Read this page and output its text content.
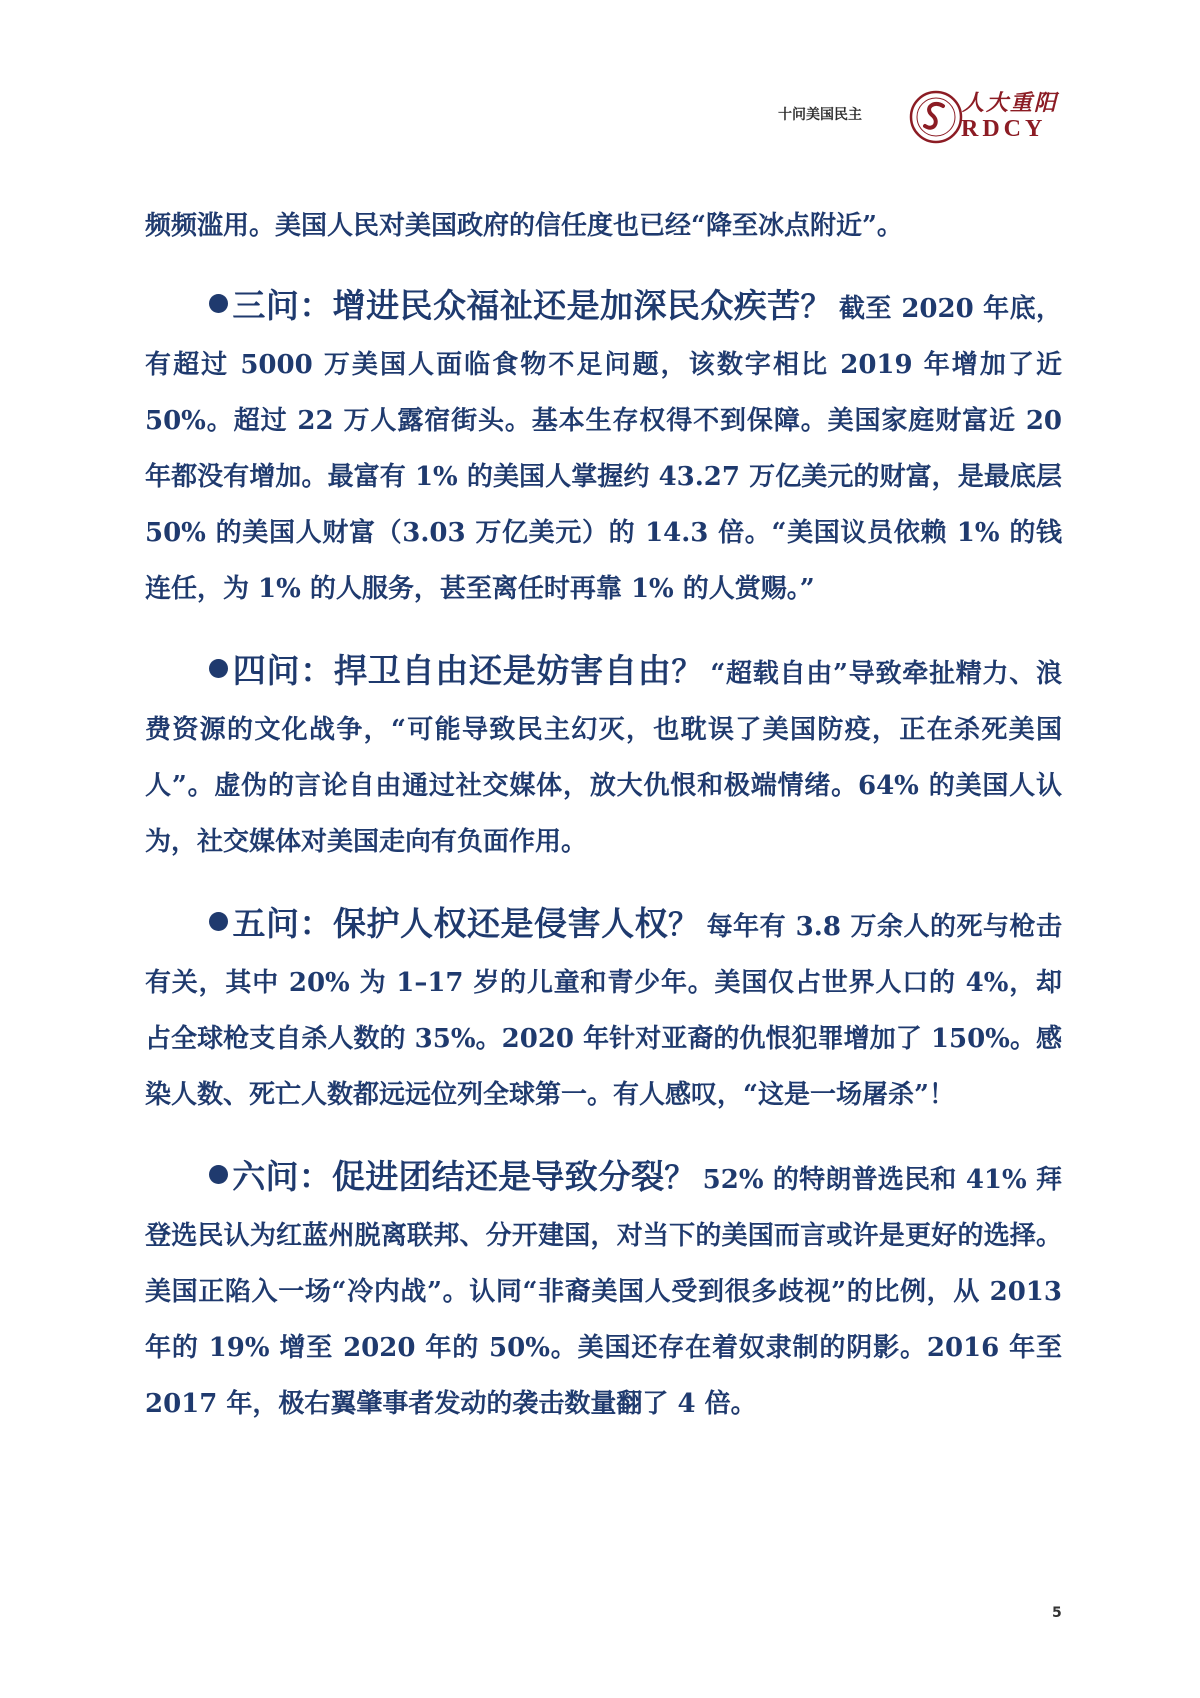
十问美国民主	人大重阳
RDCY

频频滥用。美国人民对美国政府的信任度也已经“降至冰点附近”。

三问：增进民众福祉还是加深民众疾苦？ 截至 2020 年底，有超过 5000 万美国人面临食物不足问题，该数字相比 2019 年增加了近 50%。超过 22 万人露宿街头。基本生存权得不到保障。美国家庭财富近 20 年都没有增加。最富有 1% 的美国人掌握约 43.27 万亿美元的财富，是最底层 50% 的美国人财富（3.03 万亿美元）的 14.3 倍。“美国议员依赖 1% 的钱连任，为 1% 的人服务，甚至离任时再靠 1% 的人赏赐。”

四问：捍卫自由还是妨害自由？ “超载自由”导致牵扯精力、浪费资源的文化战争，“可能导致民主幻灭，也耽误了美国防疫，正在杀死美国人”。虚伪的言论自由通过社交媒体，放大仇恨和极端情绪。64% 的美国人认为，社交媒体对美国走向有负面作用。

五问：保护人权还是侵害人权？ 每年有 3.8 万余人的死与枪击有关，其中 20% 为 1–17 岁的儿童和青少年。美国仅占世界人口的 4%，却占全球枪支自杀人数的 35%。2020 年针对亚裔的仇恨犯罪增加了 150%。感染人数、死亡人数都远远位列全球第一。有人感叹，“这是一场屠杀”！

六问：促进团结还是导致分裂？ 52% 的特朗普选民和 41% 拜登选民认为红蓝州脱离联邦、分开建国，对当下的美国而言或许是更好的选择。美国正陷入一场“冷内战”。认同“非裔美国人受到很多歧视”的比例，从 2013 年的 19% 增至 2020 年的 50%。美国还存在着奴隶制的阴影。2016 年至 2017 年，极右翼肇事者发动的袭击数量翻了 4 倍。

5
